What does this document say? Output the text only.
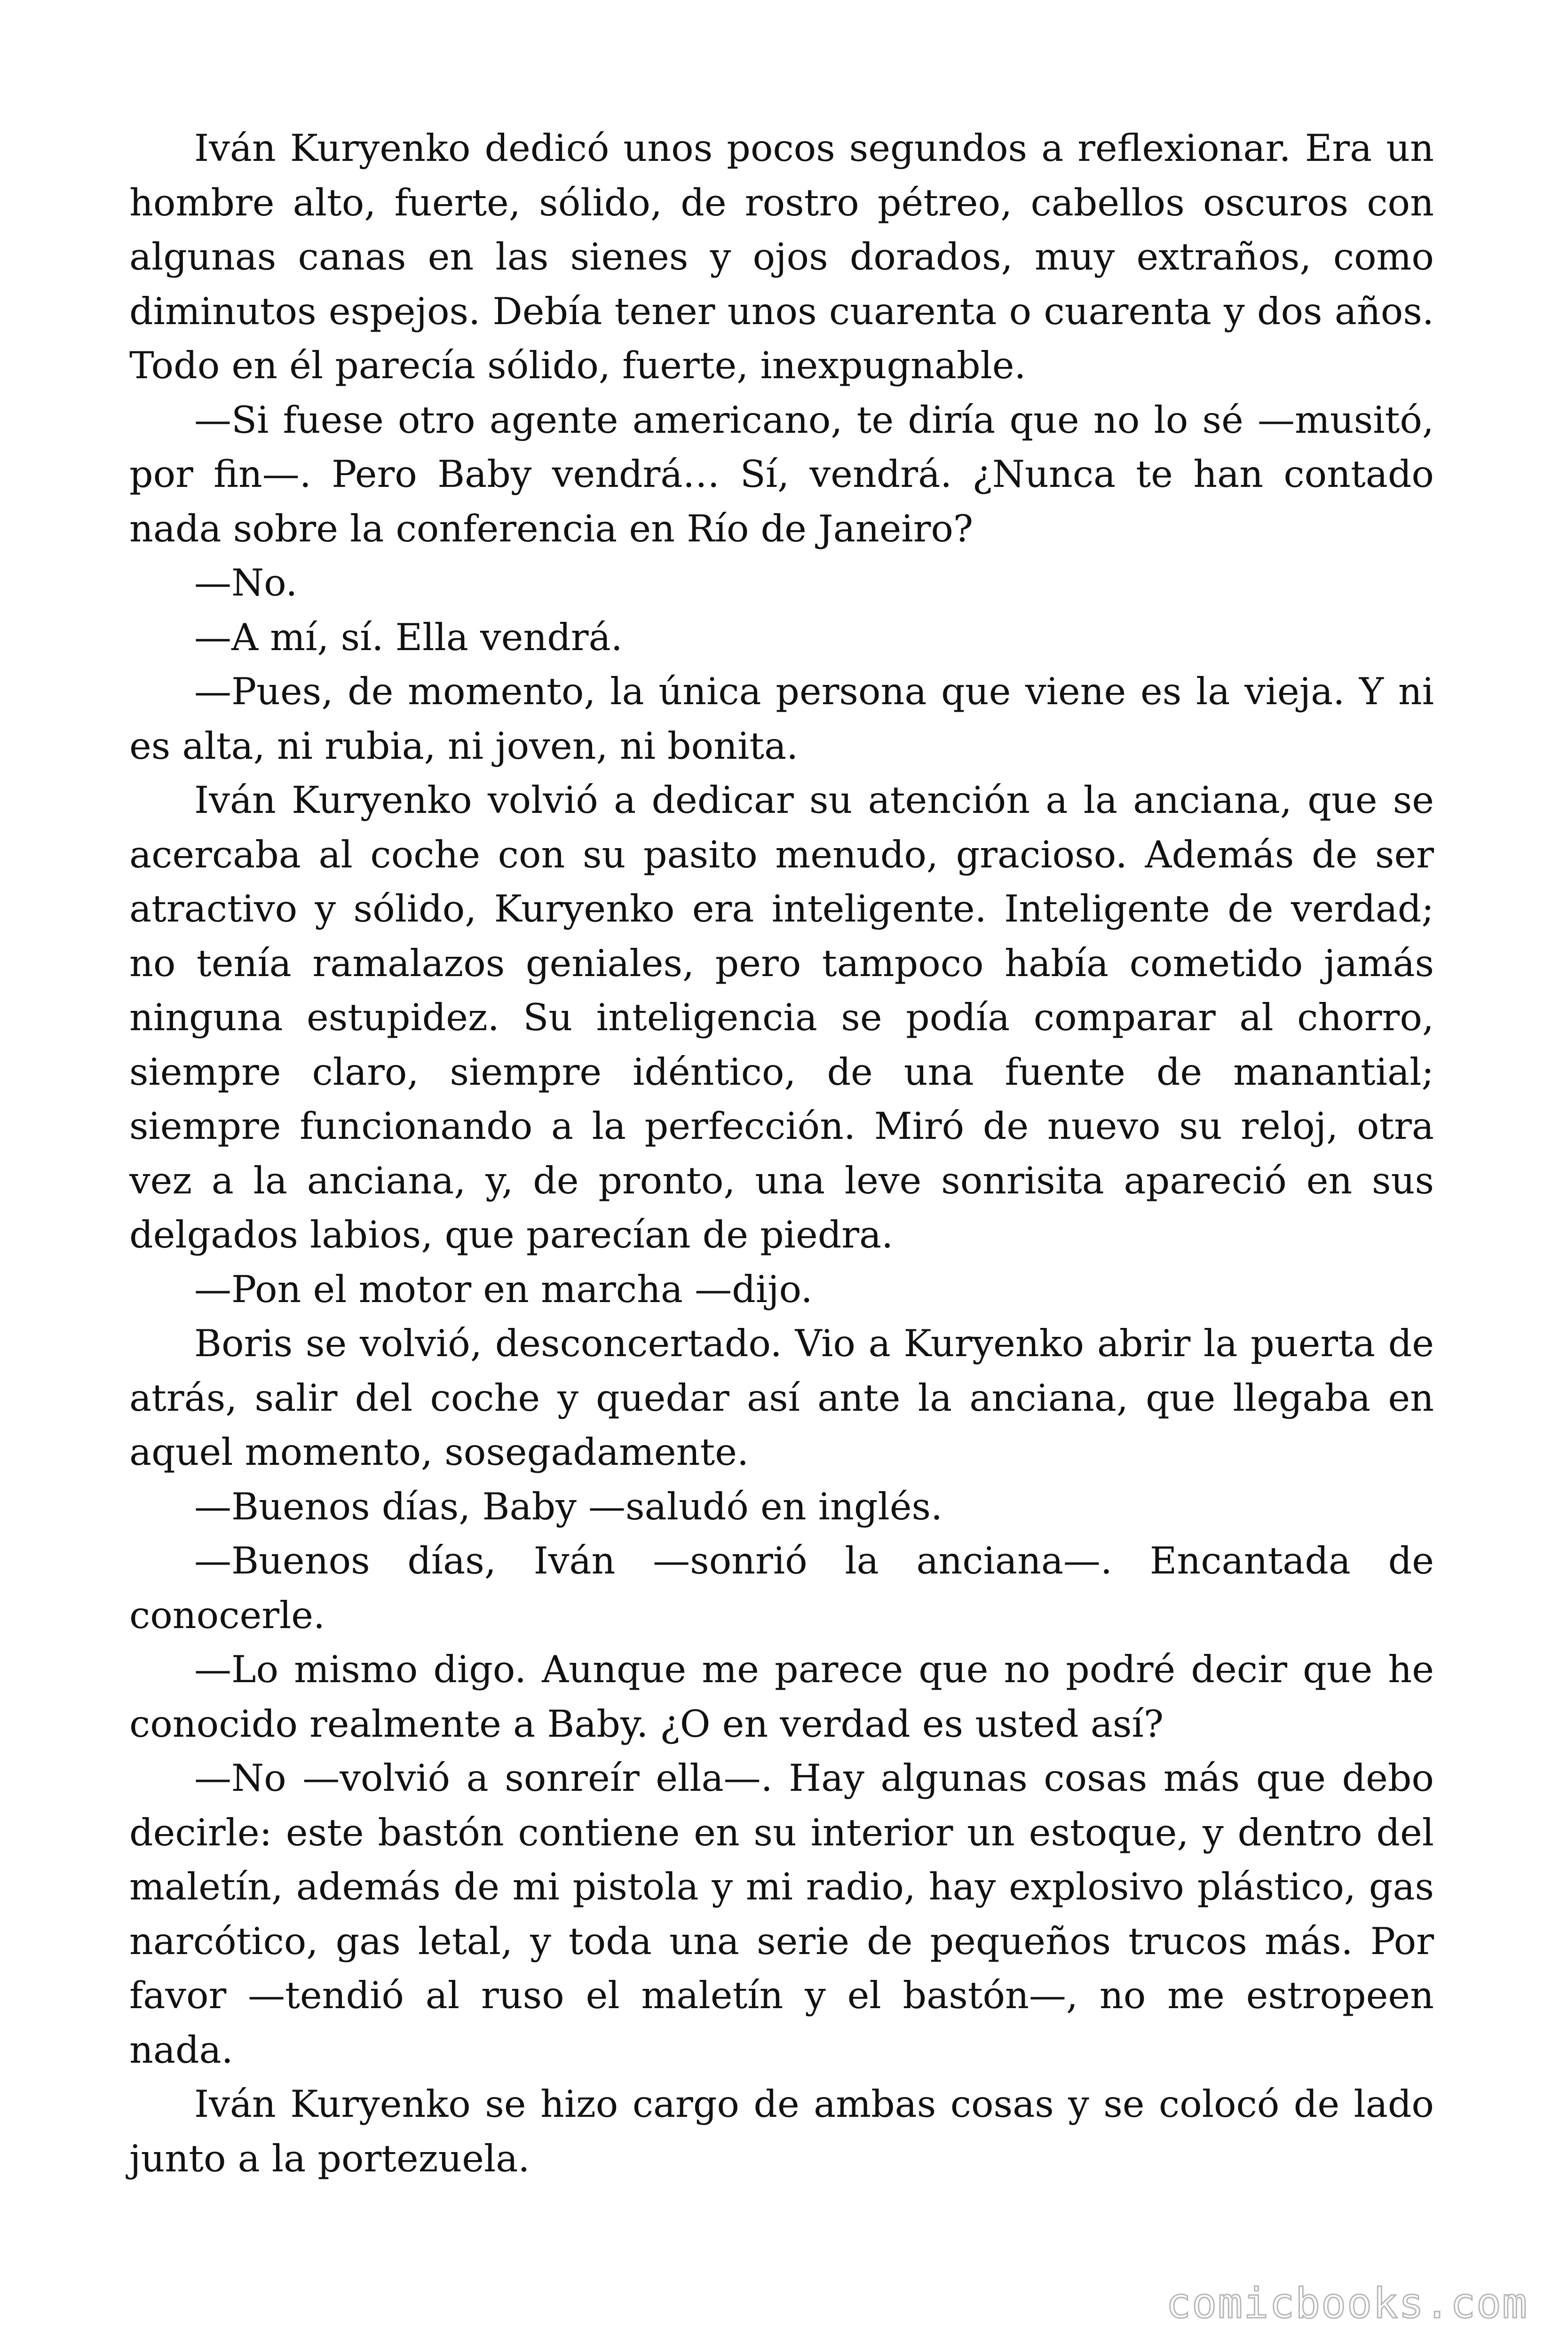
Iván Kuryenko dedicó unos pocos segundos a reflexionar. Era un hombre alto, fuerte, sólido, de rostro pétreo, cabellos oscuros con algunas canas en las sienes y ojos dorados, muy extraños, como diminutos espejos. Debía tener unos cuarenta o cuarenta y dos años. Todo en él parecía sólido, fuerte, inexpugnable.

—Si fuese otro agente americano, te diría que no lo sé —musitó, por fin—. Pero Baby vendrá… Sí, vendrá. ¿Nunca te han contado nada sobre la conferencia en Río de Janeiro?

—No.

—A mí, sí. Ella vendrá.

—Pues, de momento, la única persona que viene es la vieja. Y ni es alta, ni rubia, ni joven, ni bonita.

Iván Kuryenko volvió a dedicar su atención a la anciana, que se acercaba al coche con su pasito menudo, gracioso. Además de ser atractivo y sólido, Kuryenko era inteligente. Inteligente de verdad; no tenía ramalazos geniales, pero tampoco había cometido jamás ninguna estupidez. Su inteligencia se podía comparar al chorro, siempre claro, siempre idéntico, de una fuente de manantial; siempre funcionando a la perfección. Miró de nuevo su reloj, otra vez a la anciana, y, de pronto, una leve sonrisita apareció en sus delgados labios, que parecían de piedra.

—Pon el motor en marcha —dijo.

Boris se volvió, desconcertado. Vio a Kuryenko abrir la puerta de atrás, salir del coche y quedar así ante la anciana, que llegaba en aquel momento, sosegadamente.

—Buenos días, Baby —saludó en inglés.

—Buenos días, Iván —sonrió la anciana—. Encantada de conocerle.

—Lo mismo digo. Aunque me parece que no podré decir que he conocido realmente a Baby. ¿O en verdad es usted así?

—No —volvió a sonreír ella—. Hay algunas cosas más que debo decirle: este bastón contiene en su interior un estoque, y dentro del maletín, además de mi pistola y mi radio, hay explosivo plástico, gas narcótico, gas letal, y toda una serie de pequeños trucos más. Por favor —tendió al ruso el maletín y el bastón—, no me estropeen nada.

Iván Kuryenko se hizo cargo de ambas cosas y se colocó de lado junto a la portezuela.

comicbooks.com
